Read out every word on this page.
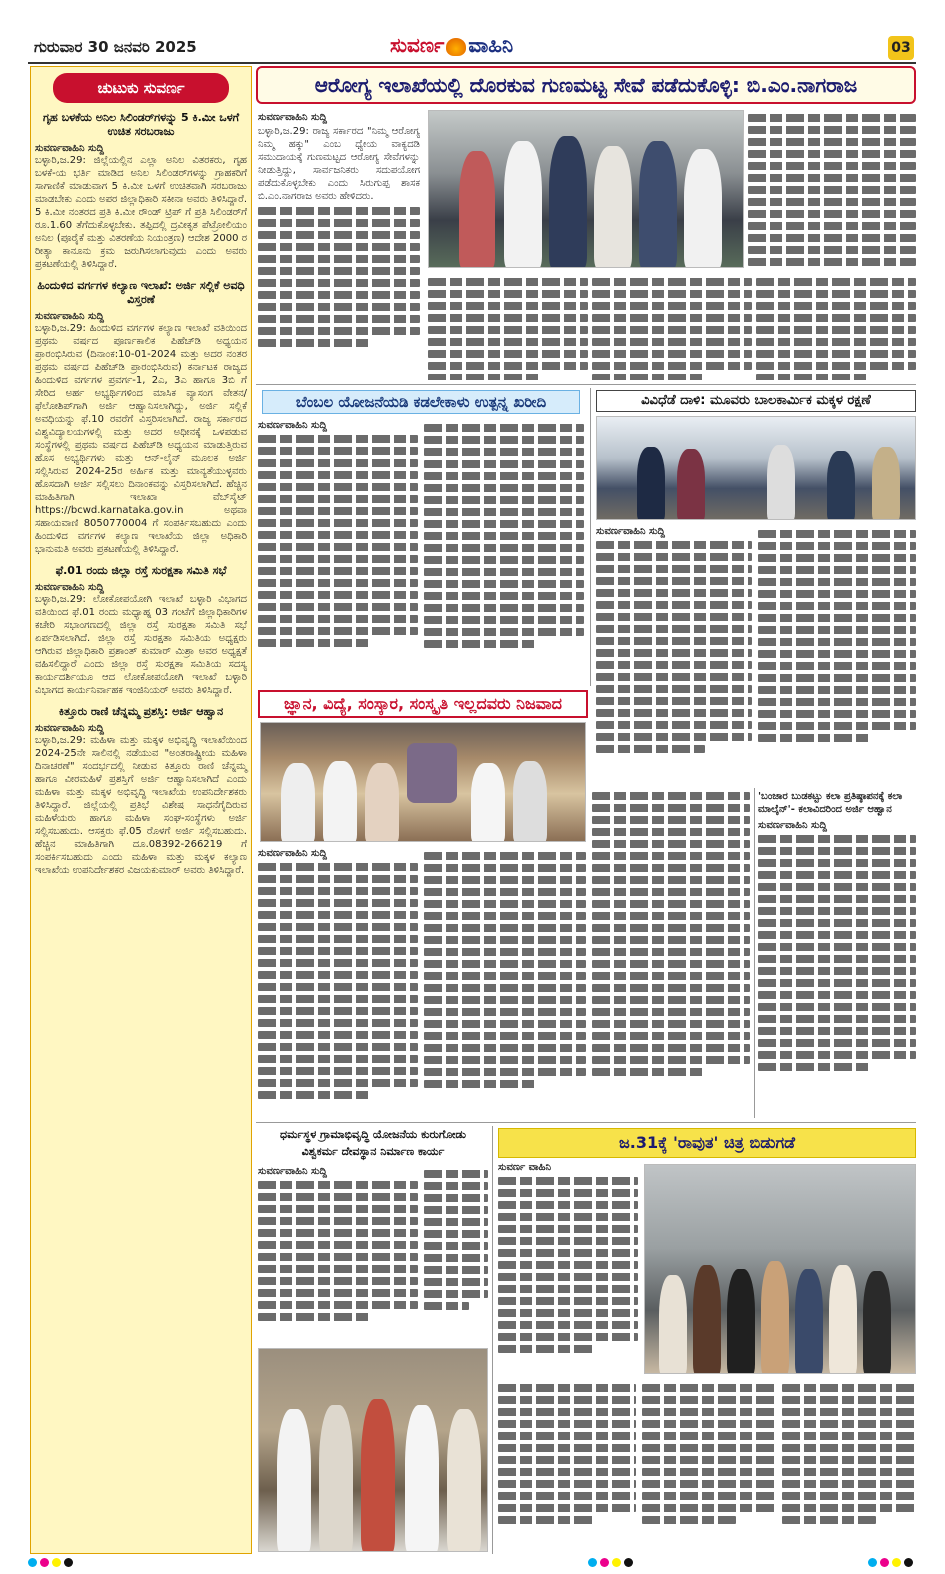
ಗುರುವಾರ 30 ಜನವರಿ 2025	ಸುವರ್ಣ ವಾಹಿನಿ	03
ಚುಟುಕು ಸುವರ್ಣ
ಗೃಹ ಬಳಕೆಯ ಅನಿಲ ಸಿಲಿಂಡರ್‌ಗಳನ್ನು 5 ಕಿ.ಮೀ ಒಳಗೆ ಉಚಿತ ಸರಬರಾಜು
ಸುವರ್ಣವಾಹಿನಿ ಸುದ್ದಿ
ಬಳ್ಳಾರಿ,ಜ.29: ಜಿಲ್ಲೆಯಲ್ಲಿನ ಎಲ್ಲಾ ಅನಿಲ ವಿತರಕರು, ಗೃಹ ಬಳಕೆ-ಯ ಭರ್ತಿ ಮಾಡಿದ ಅನಿಲ ಸಿಲಿಂಡರ್‌ಗಳನ್ನು ಗ್ರಾಹಕರಿಗೆ ಸಾಗಾಣಿಕೆ ಮಾಡುವಾಗ 5 ಕಿ.ಮೀ ಒಳಗೆ ಉಚಿತವಾಗಿ ಸರಬರಾಜು ಮಾಡಬೇಕು ಎಂದು ಅಪರ ಜಿಲ್ಲಾಧಿಕಾರಿ ಸಕೀನಾ ಅವರು ತಿಳಿಸಿದ್ದಾರೆ. 5 ಕಿ.ಮೀ ನಂತರದ ಪ್ರತಿ ಕಿ.ಮೀ ರೌಂಡ್ ಟ್ರಿಪ್ ಗೆ ಪ್ರತಿ ಸಿಲಿಂಡರ್‌ಗೆ ರೂ.1.60 ತೆಗೆದುಕೊಳ್ಳಬೇಕು. ತಪ್ಪಿದಲ್ಲಿ ದ್ರವೀಕೃತ ಪೆಟ್ರೋಲಿಯಂ ಅನಿಲ (ಪೂರೈಕೆ ಮತ್ತು ವಿತರಣೆಯ ನಿಯಂತ್ರಣ) ಆದೇಶ 2000 ರ ರೀತ್ಯಾ ಕಾನೂನು ಕ್ರಮ ಜರುಗಿಸಲಾಗುವುದು ಎಂದು ಅವರು ಪ್ರಕಟಣೆಯಲ್ಲಿ ತಿಳಿಸಿದ್ದಾರೆ.
ಹಿಂದುಳಿದ ವರ್ಗಗಳ ಕಲ್ಯಾಣ ಇಲಾಖೆ: ಅರ್ಜಿ ಸಲ್ಲಿಕೆ ಅವಧಿ ವಿಸ್ತರಣೆ
ಸುವರ್ಣವಾಹಿನಿ ಸುದ್ದಿ
ಬಳ್ಳಾರಿ,ಜ.29: ಹಿಂದುಳಿದ ವರ್ಗಗಳ ಕಲ್ಯಾಣ ಇಲಾಖೆ ವತಿಯಿಂದ ಪ್ರಥಮ ವರ್ಷದ ಪೂರ್ಣಕಾಲಿಕ ಪಿಹೆಚ್‌ಡಿ ಅಧ್ಯಯನ ಪ್ರಾರಂಭಿಸಿರುವ (ದಿನಾಂಕ:10-01-2024 ಮತ್ತು ಅದರ ನಂತರ ಪ್ರಥಮ ವರ್ಷದ ಪಿಹೆಚ್‌ಡಿ ಪ್ರಾರಂಭಿಸಿರುವ) ಕರ್ನಾಟಕ ರಾಜ್ಯದ ಹಿಂದುಳಿದ ವರ್ಗಗಳ ಪ್ರವರ್ಗ-1, 2ಎ, 3ಎ ಹಾಗೂ 3ಬಿ ಗೆ ಸೇರಿದ ಅರ್ಹ ಅಭ್ಯರ್ಥಿಗಳಿಂದ ಮಾಸಿಕ ವ್ಯಾಸಂಗ ವೇತನ/ಫೆಲೋಶಿಪ್‌ಗಾಗಿ ಅರ್ಜಿ ಆಹ್ವಾನಿಸಲಾಗಿದ್ದು, ಅರ್ಜಿ ಸಲ್ಲಿಕೆ ಅವಧಿಯನ್ನು ಫೆ.10 ರವರೆಗೆ ವಿಸ್ತರಿಸಲಾಗಿದೆ. ರಾಜ್ಯ ಸರ್ಕಾರದ ವಿಶ್ವವಿದ್ಯಾಲಯಗಳಲ್ಲಿ ಮತ್ತು ಅದರ ಅಧೀನಕ್ಕೆ ಒಳಪಡುವ ಸಂಸ್ಥೆಗಳಲ್ಲಿ ಪ್ರಥಮ ವರ್ಷದ ಪಿಹೆಚ್‌ಡಿ ಅಧ್ಯಯನ ಮಾಡುತ್ತಿರುವ ಹೊಸ ಅಭ್ಯರ್ಥಿಗಳು ಮತ್ತು ಆನ್-ಲೈನ್ ಮೂಲಕ ಅರ್ಜಿ ಸಲ್ಲಿಸಿರುವ 2024-25ರ ಅರ್ಹಿಕ ಮತ್ತು ಮಾನ್ಯತೆಯುಳ್ಳವರು ಹೊಸದಾಗಿ ಅರ್ಜಿ ಸಲ್ಲಿಸಲು ದಿನಾಂಕವನ್ನು ವಿಸ್ತರಿಸಲಾಗಿದೆ. ಹೆಚ್ಚಿನ ಮಾಹಿತಿಗಾಗಿ ಇಲಾಖಾ ವೆಬ್‌ಸೈಟ್ https://bcwd.karnataka.gov.in ಅಥವಾ ಸಹಾಯವಾಣಿ 8050770004 ಗೆ ಸಂಪರ್ಕಿಸಬಹುದು ಎಂದು ಹಿಂದುಳಿದ ವರ್ಗಗಳ ಕಲ್ಯಾಣ ಇಲಾಖೆಯ ಜಿಲ್ಲಾ ಅಧಿಕಾರಿ ಭಾನುಮತಿ ಅವರು ಪ್ರಕಟಣೆಯಲ್ಲಿ ತಿಳಿಸಿದ್ದಾರೆ.
ಫೆ.01 ರಂದು ಜಿಲ್ಲಾ ರಸ್ತೆ ಸುರಕ್ಷತಾ ಸಮಿತಿ ಸಭೆ
ಸುವರ್ಣವಾಹಿನಿ ಸುದ್ದಿ
ಬಳ್ಳಾರಿ,ಜ.29: ಲೋಕೋಪಯೋಗಿ ಇಲಾಖೆ ಬಳ್ಳಾರಿ ವಿಭಾಗದ ವತಿಯಿಂದ ಫೆ.01 ರಂದು ಮಧ್ಯಾಹ್ನ 03 ಗಂಟೆಗೆ ಜಿಲ್ಲಾಧಿಕಾರಿಗಳ ಕಚೇರಿ ಸಭಾಂಗಣದಲ್ಲಿ ಜಿಲ್ಲಾ ರಸ್ತೆ ಸುರಕ್ಷತಾ ಸಮಿತಿ ಸಭೆ ಏರ್ಪಡಿಸಲಾಗಿದೆ. ಜಿಲ್ಲಾ ರಸ್ತೆ ಸುರಕ್ಷತಾ ಸಮಿತಿಯ ಅಧ್ಯಕ್ಷರು ಆಗಿರುವ ಜಿಲ್ಲಾಧಿಕಾರಿ ಪ್ರಶಾಂತ್ ಕುಮಾರ್ ಮಿಶ್ರಾ ಅವರ ಅಧ್ಯಕ್ಷತೆ ವಹಿಸಲಿದ್ದಾರೆ ಎಂದು ಜಿಲ್ಲಾ ರಸ್ತೆ ಸುರಕ್ಷತಾ ಸಮಿತಿಯ ಸದಸ್ಯ ಕಾರ್ಯದರ್ಶಿಯೂ ಆದ ಲೋಕೋಪಯೋಗಿ ಇಲಾಖೆ ಬಳ್ಳಾರಿ ವಿಭಾಗದ ಕಾರ್ಯನಿರ್ವಾಹಕ ಇಂಜಿನಿಯರ್ ಅವರು ತಿಳಿಸಿದ್ದಾರೆ.
ಕಿತ್ತೂರು ರಾಣಿ ಚೆನ್ನಮ್ಮ ಪ್ರಶಸ್ತಿ: ಅರ್ಜಿ ಆಹ್ವಾನ
ಸುವರ್ಣವಾಹಿನಿ ಸುದ್ದಿ
ಬಳ್ಳಾರಿ,ಜ.29: ಮಹಿಳಾ ಮತ್ತು ಮಕ್ಕಳ ಅಭಿವೃದ್ಧಿ ಇಲಾಖೆಯಿಂದ 2024-25ನೇ ಸಾಲಿನಲ್ಲಿ ನಡೆಯುವ "ಅಂತರಾಷ್ಟ್ರೀಯ ಮಹಿಳಾ ದಿನಾಚರಣೆ" ಸಂದರ್ಭದಲ್ಲಿ ನೀಡುವ ಕಿತ್ತೂರು ರಾಣಿ ಚೆನ್ನಮ್ಮ ಹಾಗೂ ವೀರಮಹಿಳೆ ಪ್ರಶಸ್ತಿಗೆ ಅರ್ಜಿ ಆಹ್ವಾನಿಸಲಾಗಿದೆ ಎಂದು ಮಹಿಳಾ ಮತ್ತು ಮಕ್ಕಳ ಅಭಿವೃದ್ಧಿ ಇಲಾಖೆಯ ಉಪನಿರ್ದೇಶಕರು ತಿಳಿಸಿದ್ದಾರೆ. ಜಿಲ್ಲೆಯಲ್ಲಿ ಪ್ರತಿಭೆ ವಿಶೇಷ ಸಾಧನೆಗೈದಿರುವ ಮಹಿಳೆಯರು ಹಾಗೂ ಮಹಿಳಾ ಸಂಘ-ಸಂಸ್ಥೆಗಳು ಅರ್ಜಿ ಸಲ್ಲಿಸಬಹುದು. ಆಸಕ್ತರು ಫೆ.05 ರೊಳಗೆ ಅರ್ಜಿ ಸಲ್ಲಿಸಬಹುದು. ಹೆಚ್ಚಿನ ಮಾಹಿತಿಗಾಗಿ ದೂ.08392-266219 ಗೆ ಸಂಪರ್ಕಿಸಬಹುದು ಎಂದು ಮಹಿಳಾ ಮತ್ತು ಮಕ್ಕಳ ಕಲ್ಯಾಣ ಇಲಾಖೆಯ ಉಪನಿರ್ದೇಶಕರ ವಿಜಯಕುಮಾರ್ ಅವರು ತಿಳಿಸಿದ್ದಾರೆ.
ಆರೋಗ್ಯ ಇಲಾಖೆಯಲ್ಲಿ ದೊರಕುವ ಗುಣಮಟ್ಟ ಸೇವೆ ಪಡೆದುಕೊಳ್ಳಿ: ಬಿ.ಎಂ.ನಾಗರಾಜ
ಸುವರ್ಣವಾಹಿನಿ ಸುದ್ದಿ
ಬಳ್ಳಾರಿ,ಜ.29: ರಾಜ್ಯ ಸರ್ಕಾರದ "ನಿಮ್ಮ ಆರೋಗ್ಯ ನಿಮ್ಮ ಹಕ್ಕು" ಎಂಬ ಧ್ಯೇಯ ವಾಕ್ಯದಡಿ ಸಮುದಾಯಕ್ಕೆ ಗುಣಮಟ್ಟದ ಆರೋಗ್ಯ ಸೇವೆಗಳನ್ನು ನೀಡುತ್ತಿದ್ದು, ಸಾರ್ವಜನಿಕರು ಸದುಪಯೋಗ ಪಡೆದುಕೊಳ್ಳಬೇಕು ಎಂದು ಸಿರುಗುಪ್ಪ ಶಾಸಕ ಬಿ.ಎಂ.ನಾಗರಾಜ ಅವರು ಹೇಳಿದರು.
ಬೆಂಬಲ ಯೋಜನೆಯಡಿ ಕಡಲೇಕಾಳು ಉತ್ಪನ್ನ ಖರೀದಿ
ಸುವರ್ಣವಾಹಿನಿ ಸುದ್ದಿ
ವಿವಿಧೆಡೆ ದಾಳಿ: ಮೂವರು ಬಾಲಕಾರ್ಮಿಕ ಮಕ್ಕಳ ರಕ್ಷಣೆ
ಸುವರ್ಣವಾಹಿನಿ ಸುದ್ದಿ
ಜ್ಞಾನ, ವಿದ್ಯೆ, ಸಂಸ್ಕಾರ, ಸಂಸ್ಕೃತಿ ಇಲ್ಲದವರು ನಿಜವಾದ
ಸುವರ್ಣವಾಹಿನಿ ಸುದ್ದಿ
'ಬಂಜಾರ ಬುಡಕಟ್ಟು ಕಲಾ ಪ್ರತಿಷ್ಠಾಪನಕ್ಕೆ ಕಲಾ ಮಾಲ್ಕೆನ್'- ಕಲಾವಿದರಿಂದ ಅರ್ಜಿ ಆಹ್ವಾನ
ಸುವರ್ಣವಾಹಿನಿ ಸುದ್ದಿ
ಧರ್ಮಸ್ಥಳ ಗ್ರಾಮಾಭಿವೃದ್ಧಿ ಯೋಜನೆಯ ಕುರುಗೋಡು
ವಿಶ್ವಕರ್ಮ ದೇವಸ್ಥಾನ ನಿರ್ಮಾಣ ಕಾರ್ಯ
ಸುವರ್ಣವಾಹಿನಿ ಸುದ್ದಿ
ಜ.31ಕ್ಕೆ 'ರಾವುತ' ಚಿತ್ರ ಬಿಡುಗಡೆ
ಸುವರ್ಣ ವಾಹಿನಿ
